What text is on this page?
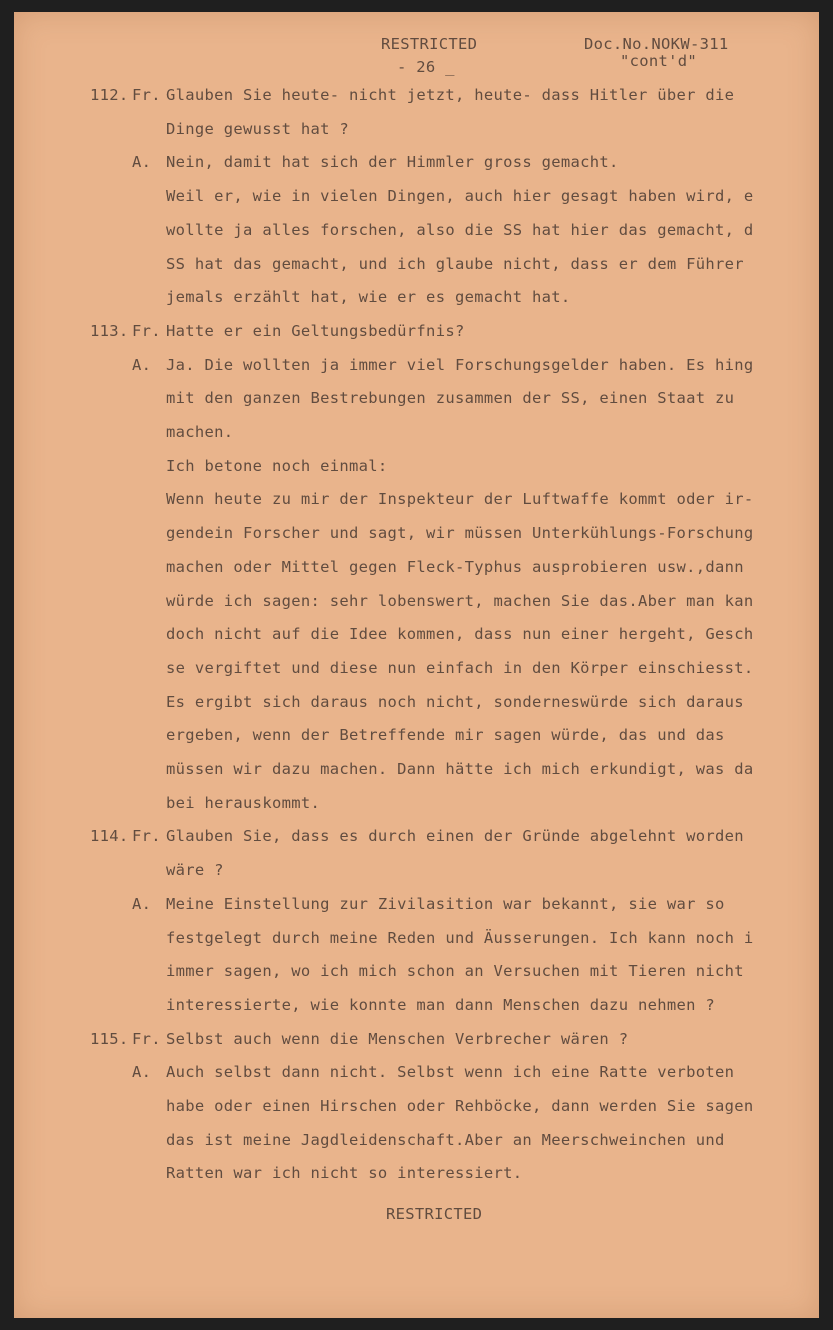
RESTRICTED
- 26 _
Doc.No.NOKW-311
"cont'd"
112. Fr. Glauben Sie heute- nicht jetzt, heute- dass Hitler über die
Dinge gewusst hat ?
A. Nein, damit hat sich der Himmler gross gemacht.
Weil er, wie in vielen Dingen, auch hier gesagt haben wird, e
wollte ja alles forschen, also die SS hat hier das gemacht, d
SS hat das gemacht, und ich glaube nicht, dass er dem Führer
jemals erzählt hat, wie er es gemacht hat.
113. Fr. Hatte er ein Geltungsbedürfnis?
A. Ja. Die wollten ja immer viel Forschungsgelder haben. Es hing
mit den ganzen Bestrebungen zusammen der SS, einen Staat zu
machen.
Ich betone noch einmal:
Wenn heute zu mir der Inspekteur der Luftwaffe kommt oder ir-
gendein Forscher und sagt, wir müssen Unterkühlungs-Forschung
machen oder Mittel gegen Fleck-Typhus ausprobieren usw.,dann
würde ich sagen: sehr lobenswert, machen Sie das.Aber man kan
doch nicht auf die Idee kommen, dass nun einer hergeht, Gesch
se vergiftet und diese nun einfach in den Körper einschiesst.
Es ergibt sich daraus noch nicht, sonderneswürde sich daraus
ergeben, wenn der Betreffende mir sagen würde, das und das
müssen wir dazu machen. Dann hätte ich mich erkundigt, was da
bei herauskommt.
114. Fr. Glauben Sie, dass es durch einen der Gründe abgelehnt worden
wäre ?
A. Meine Einstellung zur Zivilasition war bekannt, sie war so
festgelegt durch meine Reden und Äusserungen. Ich kann noch i
immer sagen, wo ich mich schon an Versuchen mit Tieren nicht
interessierte, wie konnte man dann Menschen dazu nehmen ?
115. Fr. Selbst auch wenn die Menschen Verbrecher wären ?
A. Auch selbst dann nicht. Selbst wenn ich eine Ratte verboten
habe oder einen Hirschen oder Rehböcke, dann werden Sie sagen
das ist meine Jagdleidenschaft.Aber an Meerschweinchen und
Ratten war ich nicht so interessiert.
RESTRICTED
